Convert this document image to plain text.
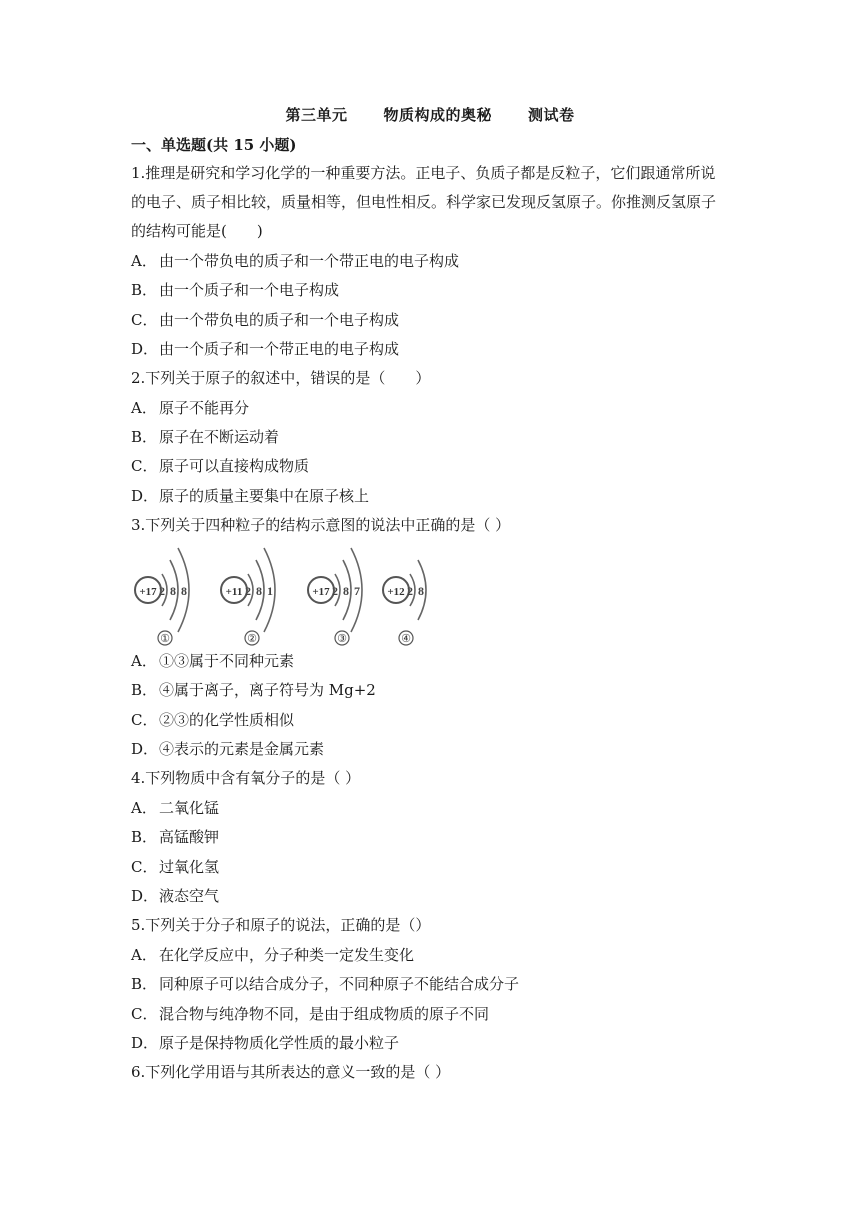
第三单元 物质构成的奥秘 测试卷
一、单选题(共 15 小题)
1.推理是研究和学习化学的一种重要方法。正电子、负质子都是反粒子，它们跟通常所说
的电子、质子相比较，质量相等，但电性相反。科学家已发现反氢原子。你推测反氢原子
的结构可能是(　　)
A． 由一个带负电的质子和一个带正电的电子构成
B． 由一个质子和一个电子构成
C． 由一个带负电的质子和一个电子构成
D．由一个质子和一个带正电的电子构成
2.下列关于原子的叙述中，错误的是（　　）
A． 原子不能再分
B． 原子在不断运动着
C． 原子可以直接构成物质
D．原子的质量主要集中在原子核上
3.下列关于四种粒子的结构示意图的说法中正确的是（ ）
+17 2 8 8
①
+11 2 8 1
②
+17 2 8 7
③
+12 2 8
④
A． ①③属于不同种元素
B． ④属于离子，离子符号为 Mg+2
C． ②③的化学性质相似
D．④表示的元素是金属元素
4.下列物质中含有氧分子的是（ ）
A． 二氧化锰
B． 高锰酸钾
C． 过氧化氢
D．液态空气
5.下列关于分子和原子的说法，正确的是（）
A． 在化学反应中，分子种类一定发生变化
B． 同种原子可以结合成分子，不同种原子不能结合成分子
C． 混合物与纯净物不同，是由于组成物质的原子不同
D．原子是保持物质化学性质的最小粒子
6.下列化学用语与其所表达的意义一致的是（ ）
